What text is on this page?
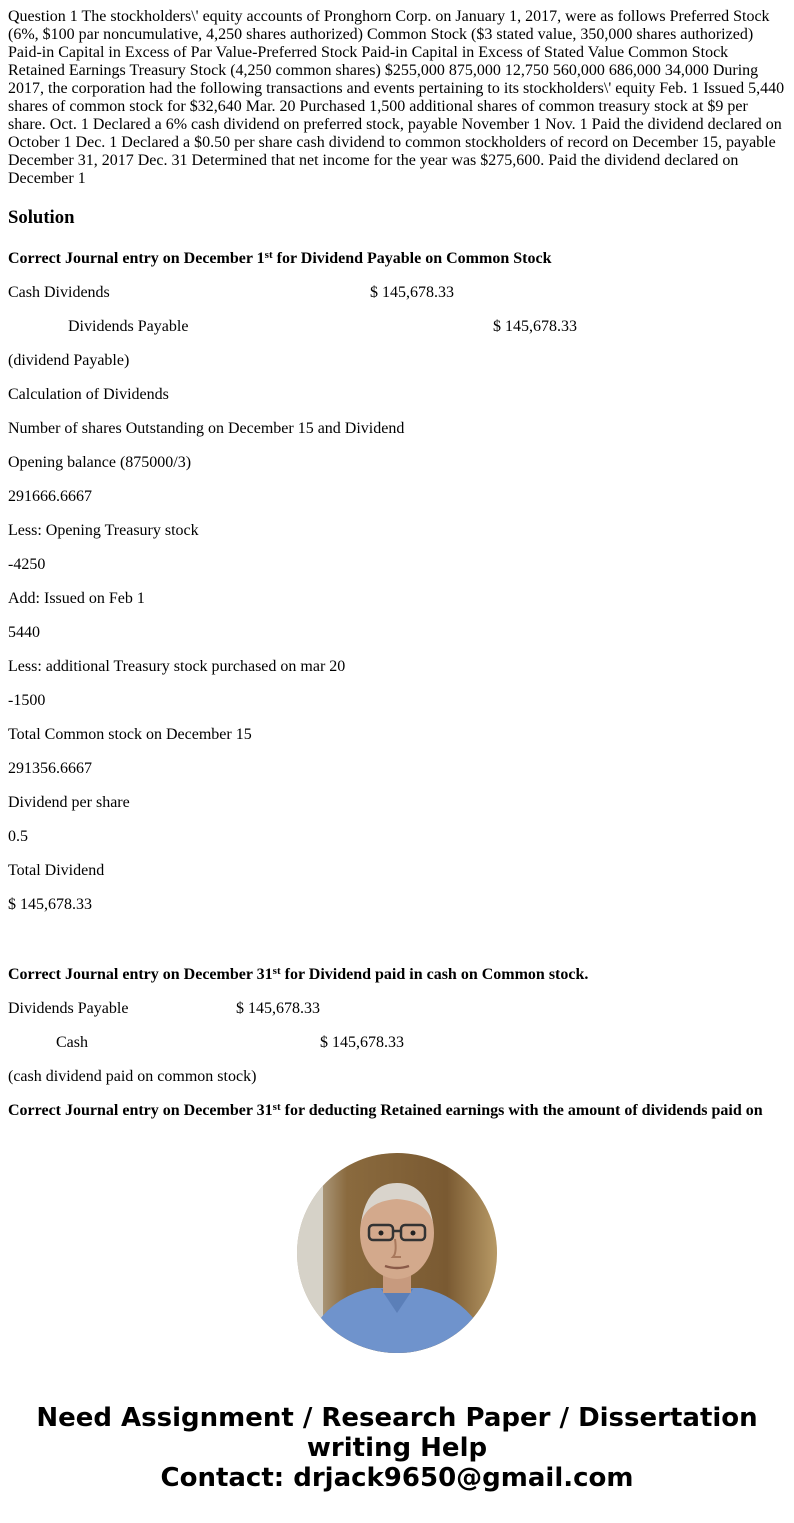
Question 1 The stockholders\' equity accounts of Pronghorn Corp. on January 1, 2017, were as follows Preferred Stock (6%, $100 par noncumulative, 4,250 shares authorized) Common Stock ($3 stated value, 350,000 shares authorized) Paid-in Capital in Excess of Par Value-Preferred Stock Paid-in Capital in Excess of Stated Value Common Stock Retained Earnings Treasury Stock (4,250 common shares) $255,000 875,000 12,750 560,000 686,000 34,000 During 2017, the corporation had the following transactions and events pertaining to its stockholders\' equity Feb. 1 Issued 5,440 shares of common stock for $32,640 Mar. 20 Purchased 1,500 additional shares of common treasury stock at $9 per share. Oct. 1 Declared a 6% cash dividend on preferred stock, payable November 1 Nov. 1 Paid the dividend declared on October 1 Dec. 1 Declared a $0.50 per share cash dividend to common stockholders of record on December 15, payable December 31, 2017 Dec. 31 Determined that net income for the year was $275,600. Paid the dividend declared on December 1

Solution

Correct Journal entry on December 1st for Dividend Payable on Common Stock

Cash Dividends	$ 145,678.33

Dividends Payable	$ 145,678.33

(dividend Payable)

Calculation of Dividends

Number of shares Outstanding on December 15 and Dividend

Opening balance (875000/3)

291666.6667

Less: Opening Treasury stock

-4250

Add: Issued on Feb 1

5440

Less: additional Treasury stock purchased on mar 20

-1500

Total Common stock on December 15

291356.6667

Dividend per share

0.5

Total Dividend

$ 145,678.33

Correct Journal entry on December 31st for Dividend paid in cash on Common stock.

Dividends Payable	$ 145,678.33

Cash	$ 145,678.33

(cash dividend paid on common stock)

Correct Journal entry on December 31st for deducting Retained earnings with the amount of dividends paid on

Need Assignment / Research Paper / Dissertation
writing Help
Contact: drjack9650@gmail.com
